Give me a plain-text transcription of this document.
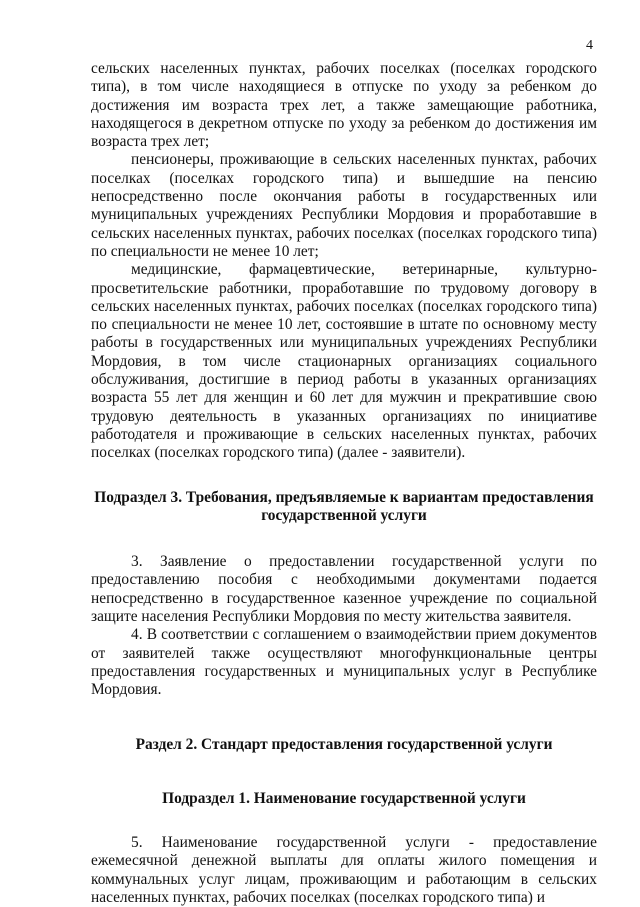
4

сельских населенных пунктах, рабочих поселках (поселках городского типа), в том числе находящиеся в отпуске по уходу за ребенком до достижения им возраста трех лет, а также замещающие работника, находящегося в декретном отпуске по уходу за ребенком до достижения им возраста трех лет;

пенсионеры, проживающие в сельских населенных пунктах, рабочих поселках (поселках городского типа) и вышедшие на пенсию непосредственно после окончания работы в государственных или муниципальных учреждениях Республики Мордовия и проработавшие в сельских населенных пунктах, рабочих поселках (поселках городского типа) по специальности не менее 10 лет;

медицинские, фармацевтические, ветеринарные, культурно-просветительские работники, проработавшие по трудовому договору в сельских населенных пунктах, рабочих поселках (поселках городского типа) по специальности не менее 10 лет, состоявшие в штате по основному месту работы в государственных или муниципальных учреждениях Республики Мордовия, в том числе стационарных организациях социального обслуживания, достигшие в период работы в указанных организациях возраста 55 лет для женщин и 60 лет для мужчин и прекратившие свою трудовую деятельность в указанных организациях по инициативе работодателя и проживающие в сельских населенных пунктах, рабочих поселках (поселках городского типа) (далее - заявители).

Подраздел 3. Требования, предъявляемые к вариантам предоставления государственной услуги

3. Заявление о предоставлении государственной услуги по предоставлению пособия с необходимыми документами подается непосредственно в государственное казенное учреждение по социальной защите населения Республики Мордовия по месту жительства заявителя.

4. В соответствии с соглашением о взаимодействии прием документов от заявителей также осуществляют многофункциональные центры предоставления государственных и муниципальных услуг в Республике Мордовия.

Раздел 2. Стандарт предоставления государственной услуги
Подраздел 1. Наименование государственной услуги

5. Наименование государственной услуги - предоставление ежемесячной денежной выплаты для оплаты жилого помещения и коммунальных услуг лицам, проживающим и работающим в сельских населенных пунктах, рабочих поселках (поселках городского типа) и
